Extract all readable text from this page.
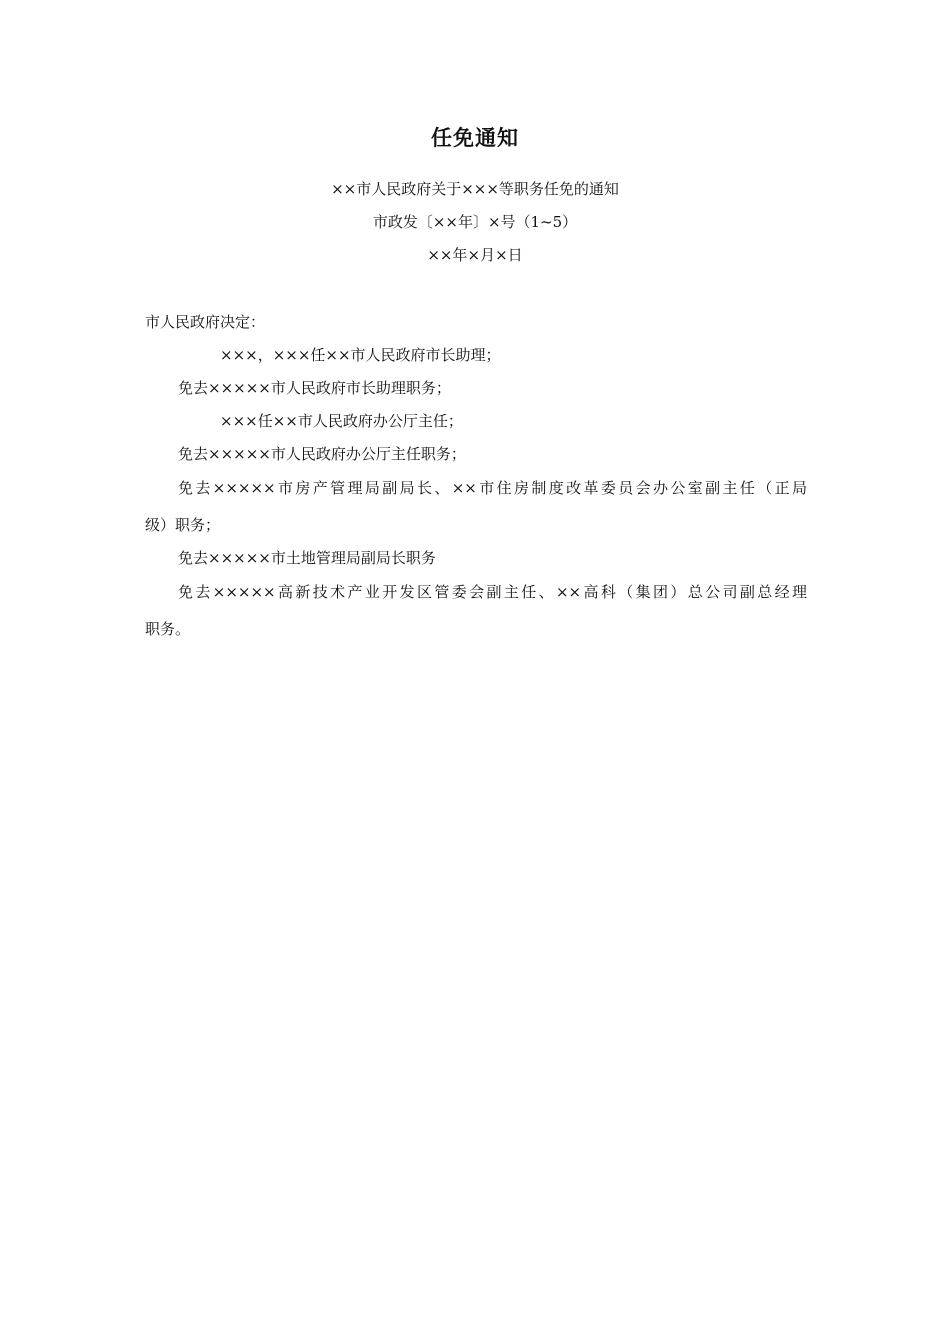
任免通知
××市人民政府关于×××等职务任免的通知
市政发〔××年〕×号（1~5）
××年×月×日
市人民政府决定：
×××，×××任××市人民政府市长助理；
免去×××××市人民政府市长助理职务；
×××任××市人民政府办公厅主任；
免去×××××市人民政府办公厅主任职务；
免去×××××市房产管理局副局长、××市住房制度改革委员会办公室副主任（正局
级）职务；
免去×××××市土地管理局副局长职务
免去×××××高新技术产业开发区管委会副主任、××高科（集团）总公司副总经理
职务。
